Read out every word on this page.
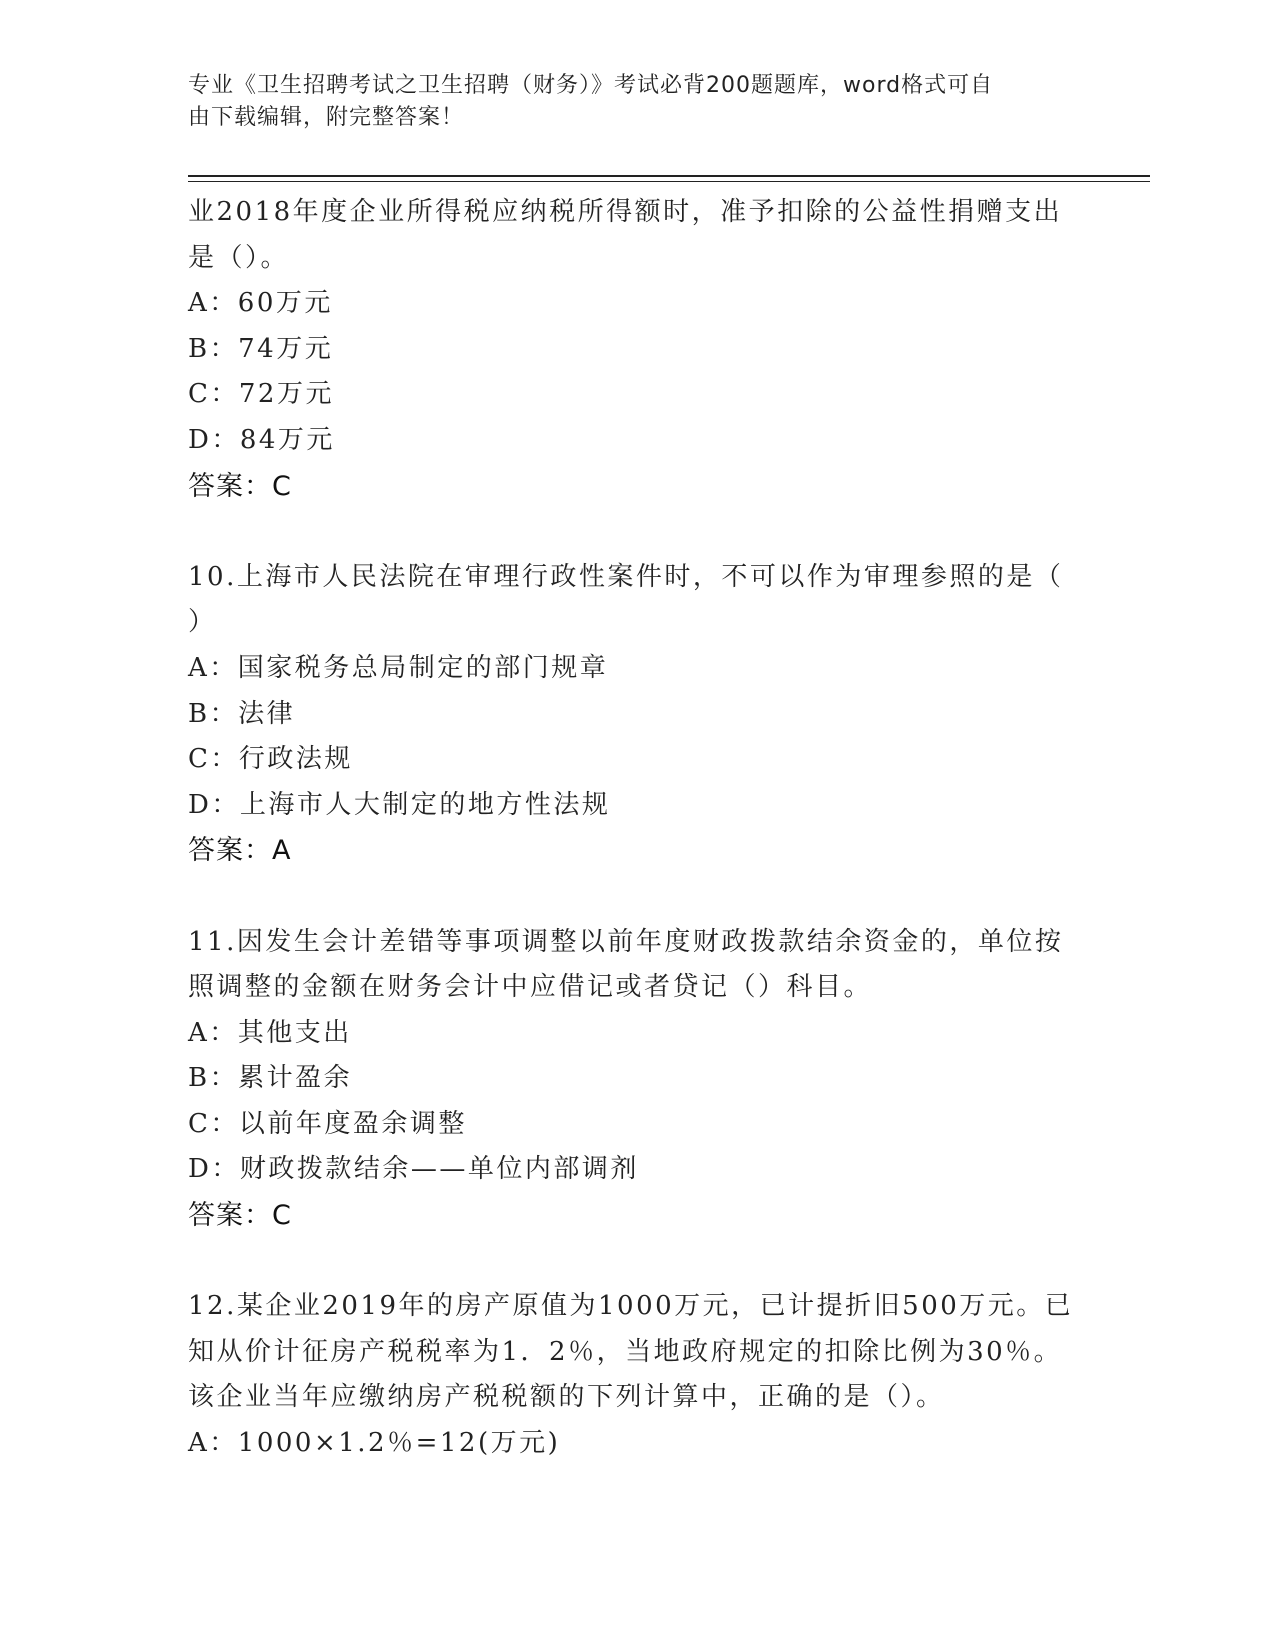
专业《卫生招聘考试之卫生招聘（财务）》考试必背200题题库，word格式可自
由下载编辑，附完整答案！
业2018年度企业所得税应纳税所得额时，准予扣除的公益性捐赠支出
是（）。
A：60万元
B：74万元
C：72万元
D：84万元
答案：C
10.上海市人民法院在审理行政性案件时，不可以作为审理参照的是（
）
A：国家税务总局制定的部门规章
B：法律
C：行政法规
D：上海市人大制定的地方性法规
答案：A
11.因发生会计差错等事项调整以前年度财政拨款结余资金的，单位按
照调整的金额在财务会计中应借记或者贷记（）科目。
A：其他支出
B：累计盈余
C：以前年度盈余调整
D：财政拨款结余——单位内部调剂
答案：C
12.某企业2019年的房产原值为1000万元，已计提折旧500万元。已
知从价计征房产税税率为1．2％，当地政府规定的扣除比例为30％。
该企业当年应缴纳房产税税额的下列计算中，正确的是（）。
A：1000×1.2％=12(万元)
